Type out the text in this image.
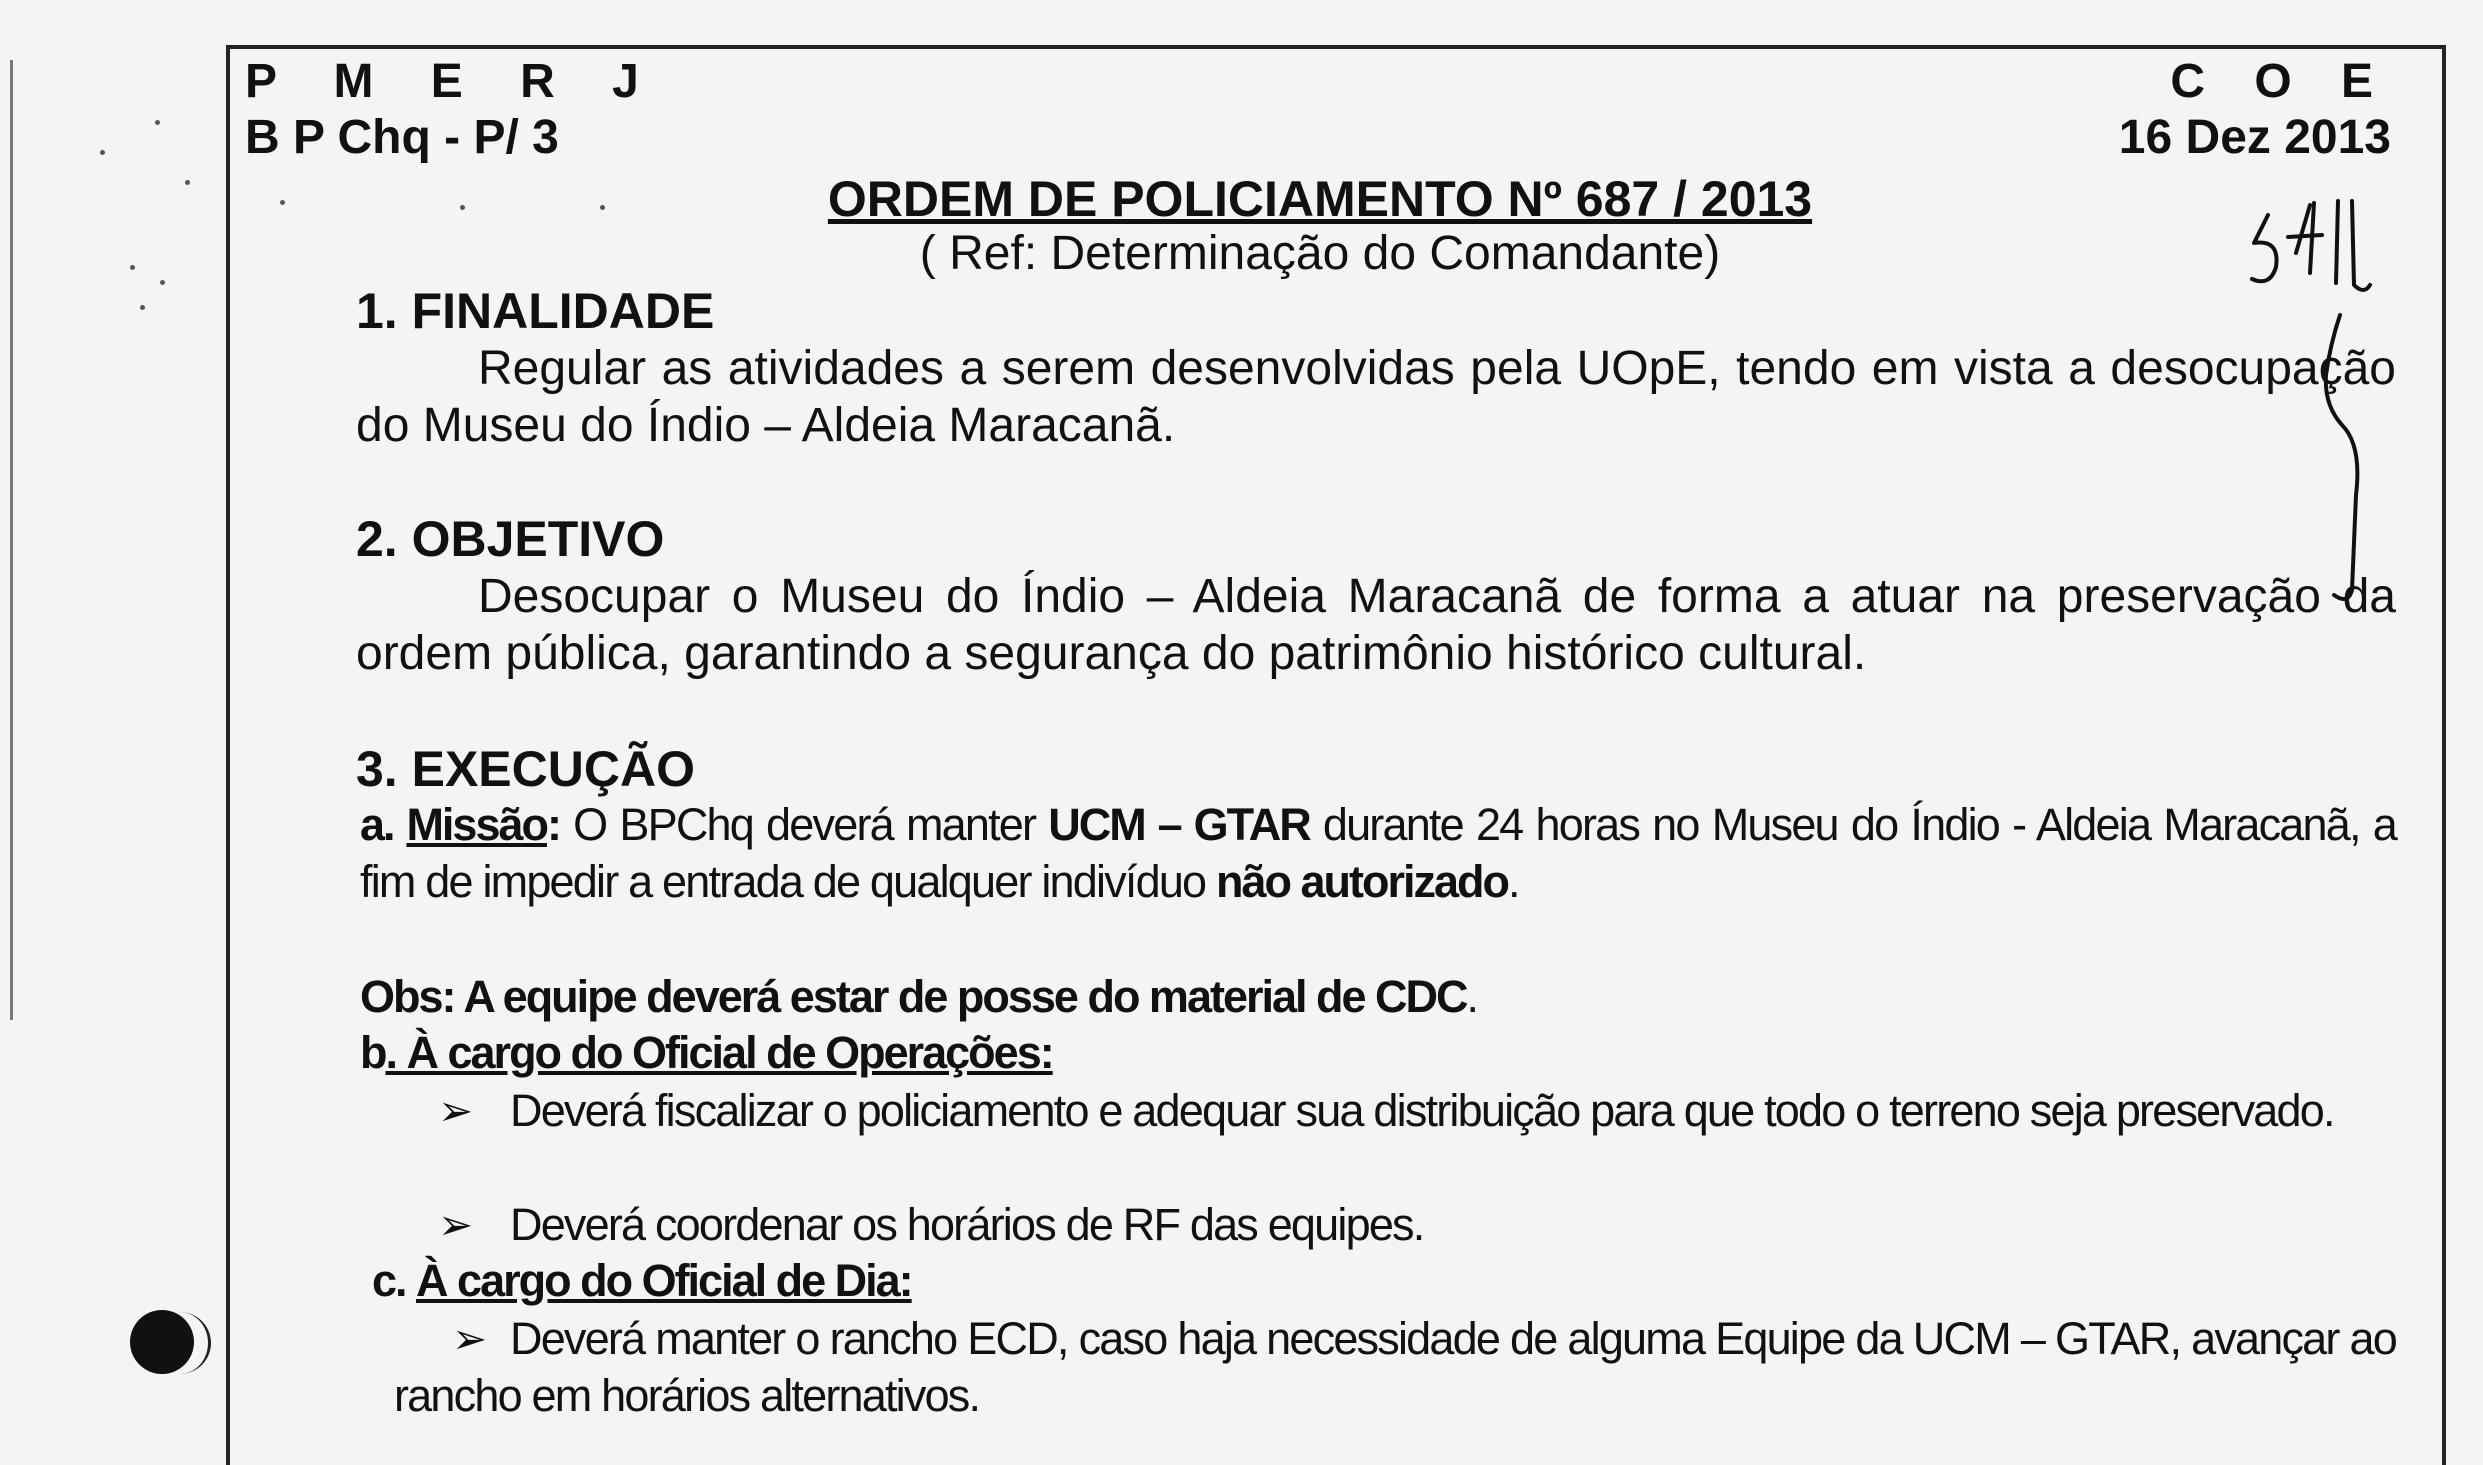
P M E R J
B P Chq - P/ 3
C O E
16 Dez 2013
ORDEM DE POLICIAMENTO Nº 687 / 2013
( Ref: Determinação do Comandante)
1. FINALIDADE
Regular as atividades a serem desenvolvidas pela UOpE, tendo em vista a desocupação do Museu do Índio – Aldeia Maracanã.
2. OBJETIVO
Desocupar o Museu do Índio – Aldeia Maracanã de forma a atuar na preservação da ordem pública, garantindo a segurança do patrimônio histórico cultural.
3. EXECUÇÃO
a. Missão: O BPChq deverá manter UCM – GTAR durante 24 horas no Museu do Índio - Aldeia Maracanã, a fim de impedir a entrada de qualquer indivíduo não autorizado.
Obs: A equipe deverá estar de posse do material de CDC.
b. À cargo do Oficial de Operações:
➢ Deverá fiscalizar o policiamento e adequar sua distribuição para que todo o terreno seja preservado.
➢ Deverá coordenar os horários de RF das equipes.
c. À cargo do Oficial de Dia:
➢ Deverá manter o rancho ECD, caso haja necessidade de alguma Equipe da UCM – GTAR, avançar ao rancho em horários alternativos.
541
